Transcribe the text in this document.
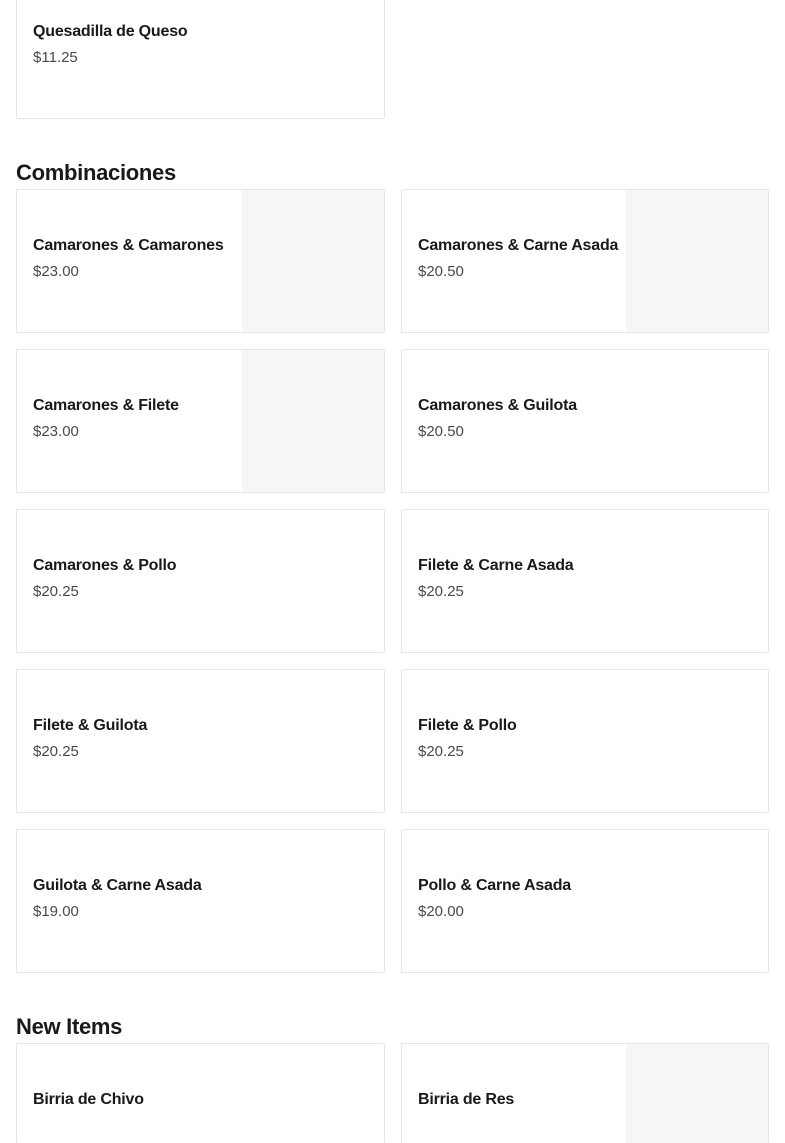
Quesadilla de Queso
$11.25
Combinaciones
Camarones & Camarones
$23.00
Camarones & Carne Asada
$20.50
Camarones & Filete
$23.00
Camarones & Guilota
$20.50
Camarones & Pollo
$20.25
Filete & Carne Asada
$20.25
Filete & Guilota
$20.25
Filete & Pollo
$20.25
Guilota & Carne Asada
$19.00
Pollo & Carne Asada
$20.00
New Items
Birria de Chivo	Birria de Res
